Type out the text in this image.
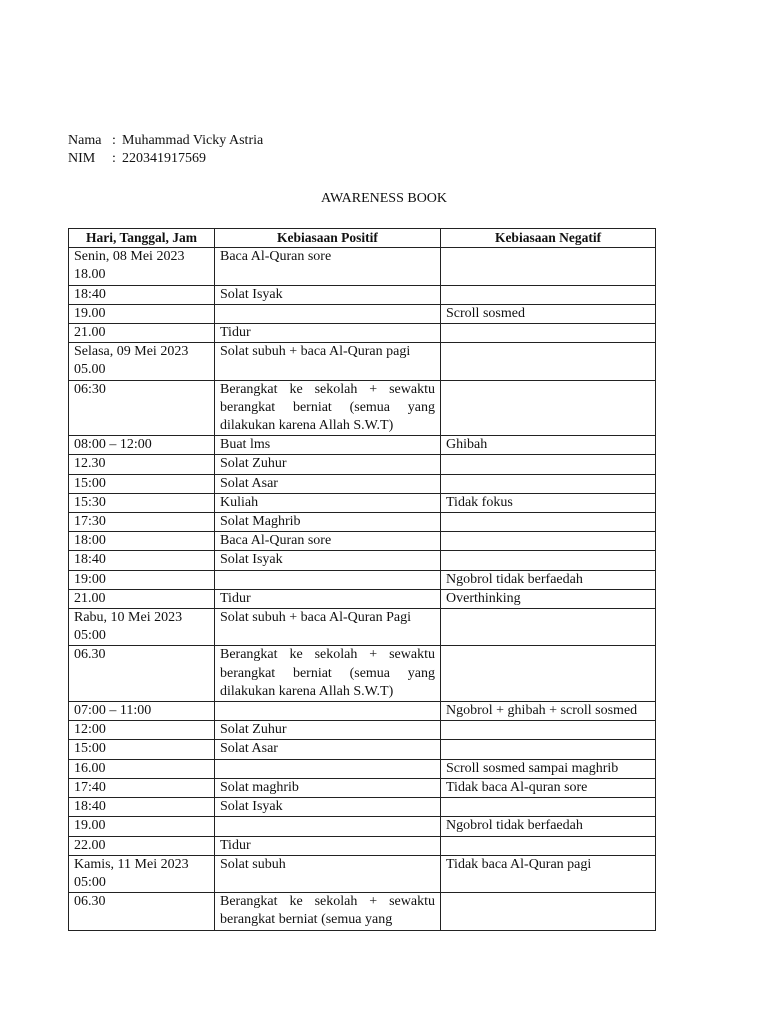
Nama : Muhammad Vicky Astria
NIM	: 220341917569
AWARENESS BOOK
Hari, Tanggal, Jam	Kebiasaan Positif	Kebiasaan Negatif

Senin, 08 Mei 2023
18.00	Baca Al-Quran sore	

18:40	Solat Isyak	

19.00		Scroll sosmed

21.00	Tidur	

Selasa, 09 Mei 2023
05.00	Solat subuh + baca Al-Quran pagi	

06:30	Berangkat ke sekolah + sewaktu berangkat berniat (semua yang dilakukan karena Allah S.W.T)	

08:00 – 12:00	Buat lms	Ghibah

12.30	Solat Zuhur	

15:00	Solat Asar	

15:30	Kuliah	Tidak fokus

17:30	Solat Maghrib	

18:00	Baca Al-Quran sore	

18:40	Solat Isyak	

19:00		Ngobrol tidak berfaedah

21.00	Tidur	Overthinking

Rabu, 10 Mei 2023
05:00	Solat subuh + baca Al-Quran Pagi	

06.30	Berangkat ke sekolah + sewaktu berangkat berniat (semua yang dilakukan karena Allah S.W.T)	

07:00 – 11:00		Ngobrol + ghibah + scroll sosmed

12:00	Solat Zuhur	

15:00	Solat Asar	

16.00		Scroll sosmed sampai maghrib

17:40	Solat maghrib	Tidak baca Al-quran sore

18:40	Solat Isyak	

19.00		Ngobrol tidak berfaedah

22.00	Tidur	

Kamis, 11 Mei 2023
05:00	Solat subuh	Tidak baca Al-Quran pagi

06.30	Berangkat ke sekolah + sewaktu berangkat berniat (semua yang	
